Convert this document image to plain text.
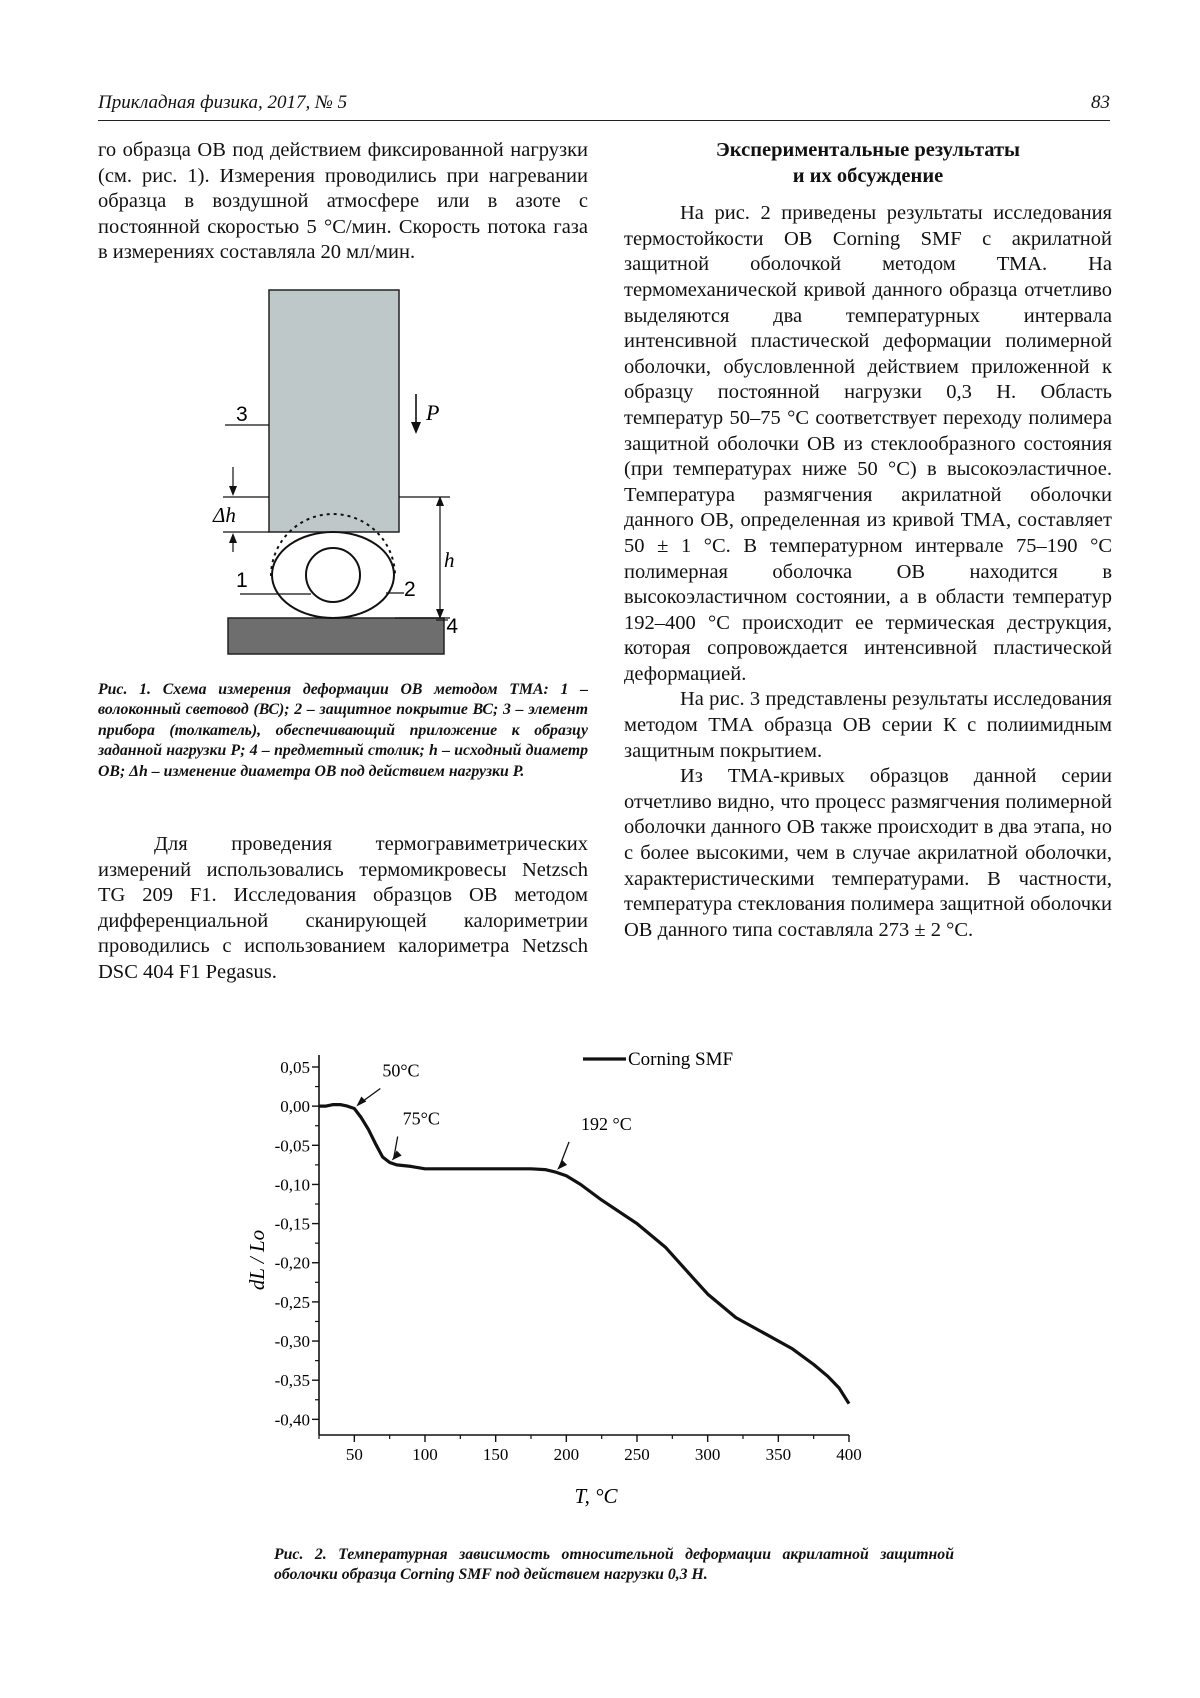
Прикладная физика, 2017, № 5	83

го образца ОВ под действием фиксированной нагрузки (см. рис. 1). Измерения проводились при нагревании образца в воздушной атмосфере или в азоте с постоянной скоростью 5 °С/мин. Скорость потока газа в измерениях составляла 20 мл/мин.

3	P
Δh
h
1	2
4
Рис. 1. Схема измерения деформации ОВ методом ТМА: 1 – волоконный световод (ВС); 2 – защитное покрытие ВС; 3 – элемент прибора (толкатель), обеспечивающий приложение к образцу заданной нагрузки P; 4 – предметный столик; h – исходный диаметр ОВ; Δh – изменение диаметра ОВ под действием нагрузки P.

Для проведения термогравиметрических измерений использовались термомикровесы Netzsch TG 209 F1. Исследования образцов ОВ методом дифференциальной сканирующей калориметрии проводились с использованием калориметра Netzsch DSC 404 F1 Pegasus.

Экспериментальные результаты
и их обсуждение

На рис. 2 приведены результаты исследования термостойкости ОВ Corning SMF с акрилатной защитной оболочкой методом ТМА. На термомеханической кривой данного образца отчетливо выделяются два температурных интервала интенсивной пластической деформации полимерной оболочки, обусловленной действием приложенной к образцу постоянной нагрузки 0,3 Н. Область температур 50–75 °С соответствует переходу полимера защитной оболочки ОВ из стеклообразного состояния (при температурах ниже 50 °С) в высокоэластичное. Температура размягчения акрилатной оболочки данного ОВ, определенная из кривой ТМА, составляет 50 ± 1 °С. В температурном интервале 75–190 °С полимерная оболочка ОВ находится в высокоэластичном состоянии, а в области температур 192–400 °С происходит ее термическая деструкция, которая сопровождается интенсивной пластической деформацией.

На рис. 3 представлены результаты исследования методом ТМА образца ОВ серии К с полиимидным защитным покрытием.

Из ТМА-кривых образцов данной серии отчетливо видно, что процесс размягчения полимерной оболочки данного ОВ также происходит в два этапа, но с более высокими, чем в случае акрилатной оболочки, характеристическими температурами. В частности, температура стеклования полимера защитной оболочки ОВ данного типа составляла 273 ± 2 °С.

0,05
0,00
-0,05
-0,10
-0,15
-0,20
-0,25
-0,30
-0,35
-0,40
50	100	150	200	250	300	350	400
50°C
75°C	192 °C
Corning SMF
T, °C
dL / Lo
Рис. 2. Температурная зависимость относительной деформации акрилатной защитной оболочки образца Corning SMF под действием нагрузки 0,3 Н.
